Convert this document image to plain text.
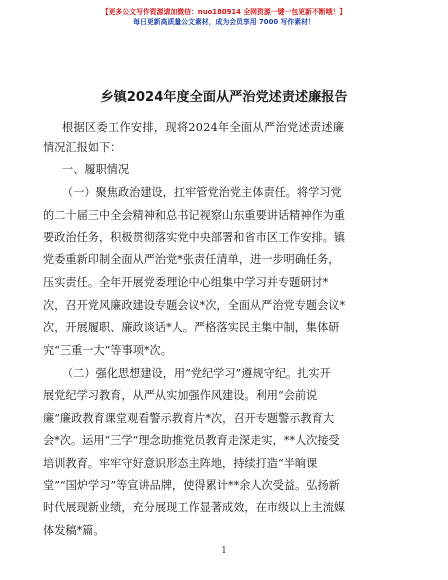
【更多公文写作资源请加微信：nuo180914 全网资源一键一包更新不断哦！】
每日更新高质量公文素材，成为会员享用 7000 写作素材！
乡镇2024年度全面从严治党述责述廉报告
根据区委工作安排，现将2024年全面从严治党述责述廉
情况汇报如下：
一、履职情况
（一）聚焦政治建设，扛牢管党治党主体责任。将学习党
的二十届三中全会精神和总书记视察山东重要讲话精神作为重
要政治任务，积极贯彻落实党中央部署和省市区工作安排。镇
党委重新印制全面从严治党*张责任清单，进一步明确任务，
压实责任。全年开展党委理论中心组集中学习并专题研讨*
次，召开党风廉政建设专题会议*次，全面从严治党专题会议*
次，开展履职、廉政谈话*人。严格落实民主集中制，集体研
究“三重一大”等事项*次。
（二）强化思想建设，用“党纪学习”遵规守纪。扎实开
展党纪学习教育，从严从实加强作风建设。利用“会前说
廉”廉政教育课堂观看警示教育片*次，召开专题警示教育大
会*次。运用“三学”理念助推党员教育走深走实，**人次接受
培训教育。牢牢守好意识形态主阵地，持续打造“半晌课
堂”“国炉学习”等宣讲品牌，使得累计**余人次受益。弘扬新
时代展现新业绩，充分展现工作显著成效，在市级以上主流媒
体发稿*篇。
1
